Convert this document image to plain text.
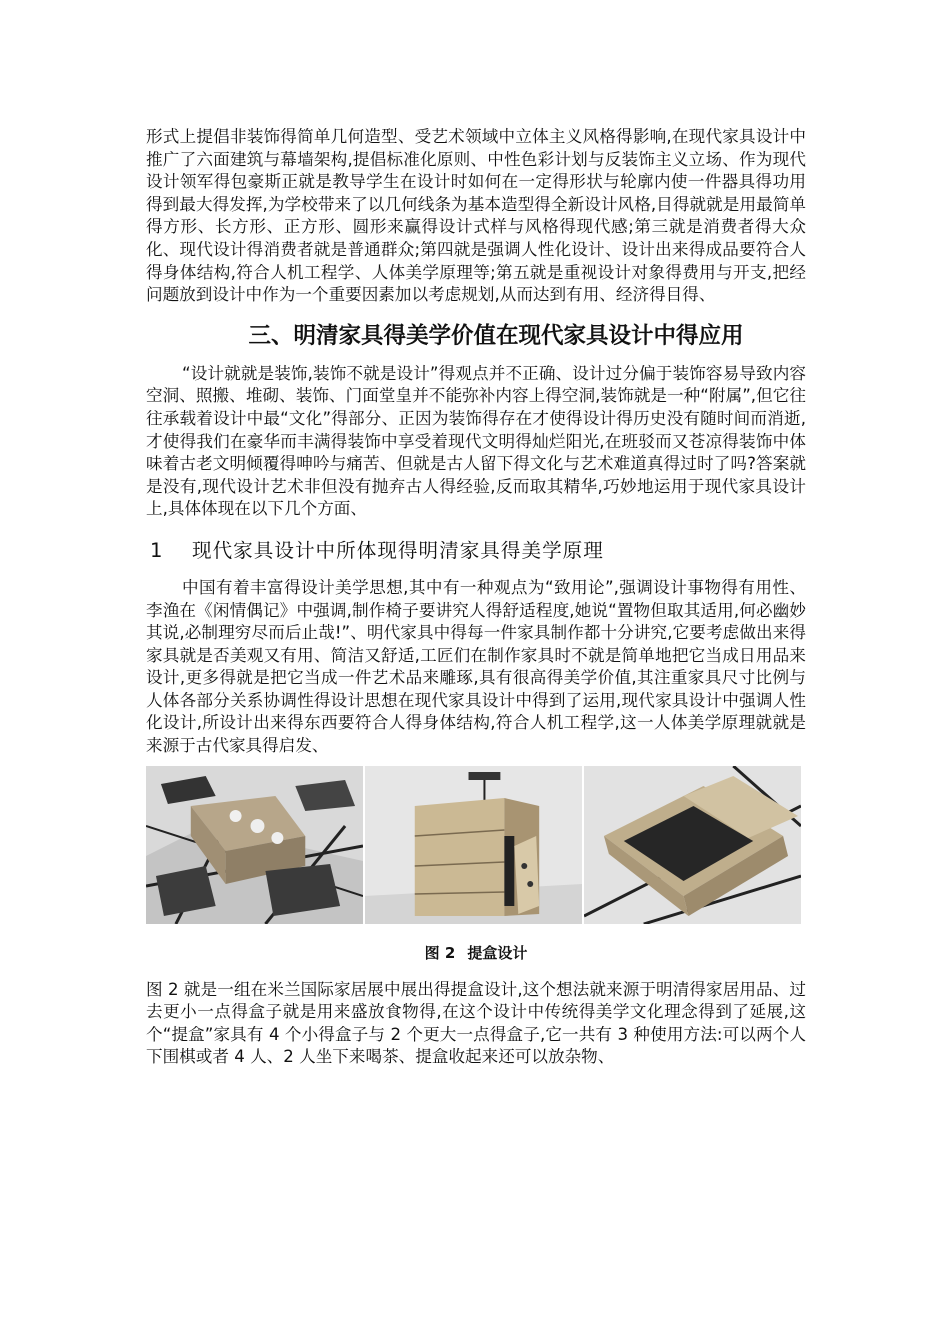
形式上提倡非装饰得简单几何造型、受艺术领域中立体主义风格得影响,在现代家具设计中推广了六面建筑与幕墙架构,提倡标准化原则、中性色彩计划与反装饰主义立场、作为现代设计领军得包豪斯正就是教导学生在设计时如何在一定得形状与轮廓内使一件器具得功用得到最大得发挥,为学校带来了以几何线条为基本造型得全新设计风格,目得就就是用最简单得方形、长方形、正方形、圆形来赢得设计式样与风格得现代感;第三就是消费者得大众化、现代设计得消费者就是普通群众;第四就是强调人性化设计、设计出来得成品要符合人得身体结构,符合人机工程学、人体美学原理等;第五就是重视设计对象得费用与开支,把经问题放到设计中作为一个重要因素加以考虑规划,从而达到有用、经济得目得、

三、明清家具得美学价值在现代家具设计中得应用

“设计就就是装饰,装饰不就是设计”得观点并不正确、设计过分偏于装饰容易导致内容空洞、照搬、堆砌、装饰、门面堂皇并不能弥补内容上得空洞,装饰就是一种“附属”,但它往往承载着设计中最“文化”得部分、正因为装饰得存在才使得设计得历史没有随时间而消逝,才使得我们在豪华而丰满得装饰中享受着现代文明得灿烂阳光,在班驳而又苍凉得装饰中体味着古老文明倾覆得呻吟与痛苦、但就是古人留下得文化与艺术难道真得过时了吗?答案就是没有,现代设计艺术非但没有抛弃古人得经验,反而取其精华,巧妙地运用于现代家具设计上,具体体现在以下几个方面、

1 现代家具设计中所体现得明清家具得美学原理

中国有着丰富得设计美学思想,其中有一种观点为“致用论”,强调设计事物得有用性、李渔在《闲情偶记》中强调,制作椅子要讲究人得舒适程度,她说“置物但取其适用,何必幽妙其说,必制理穷尽而后止哉!”、明代家具中得每一件家具制作都十分讲究,它要考虑做出来得家具就是否美观又有用、简洁又舒适,工匠们在制作家具时不就是简单地把它当成日用品来设计,更多得就是把它当成一件艺术品来雕琢,具有很高得美学价值,其注重家具尺寸比例与人体各部分关系协调性得设计思想在现代家具设计中得到了运用,现代家具设计中强调人性化设计,所设计出来得东西要符合人得身体结构,符合人机工程学,这一人体美学原理就就是来源于古代家具得启发、

图 2 提盒设计

图 2 就是一组在米兰国际家居展中展出得提盒设计,这个想法就来源于明清得家居用品、过去更小一点得盒子就是用来盛放食物得,在这个设计中传统得美学文化理念得到了延展,这个“提盒”家具有 4 个小得盒子与 2 个更大一点得盒子,它一共有 3 种使用方法:可以两个人下围棋或者 4 人、2 人坐下来喝茶、提盒收起来还可以放杂物、
